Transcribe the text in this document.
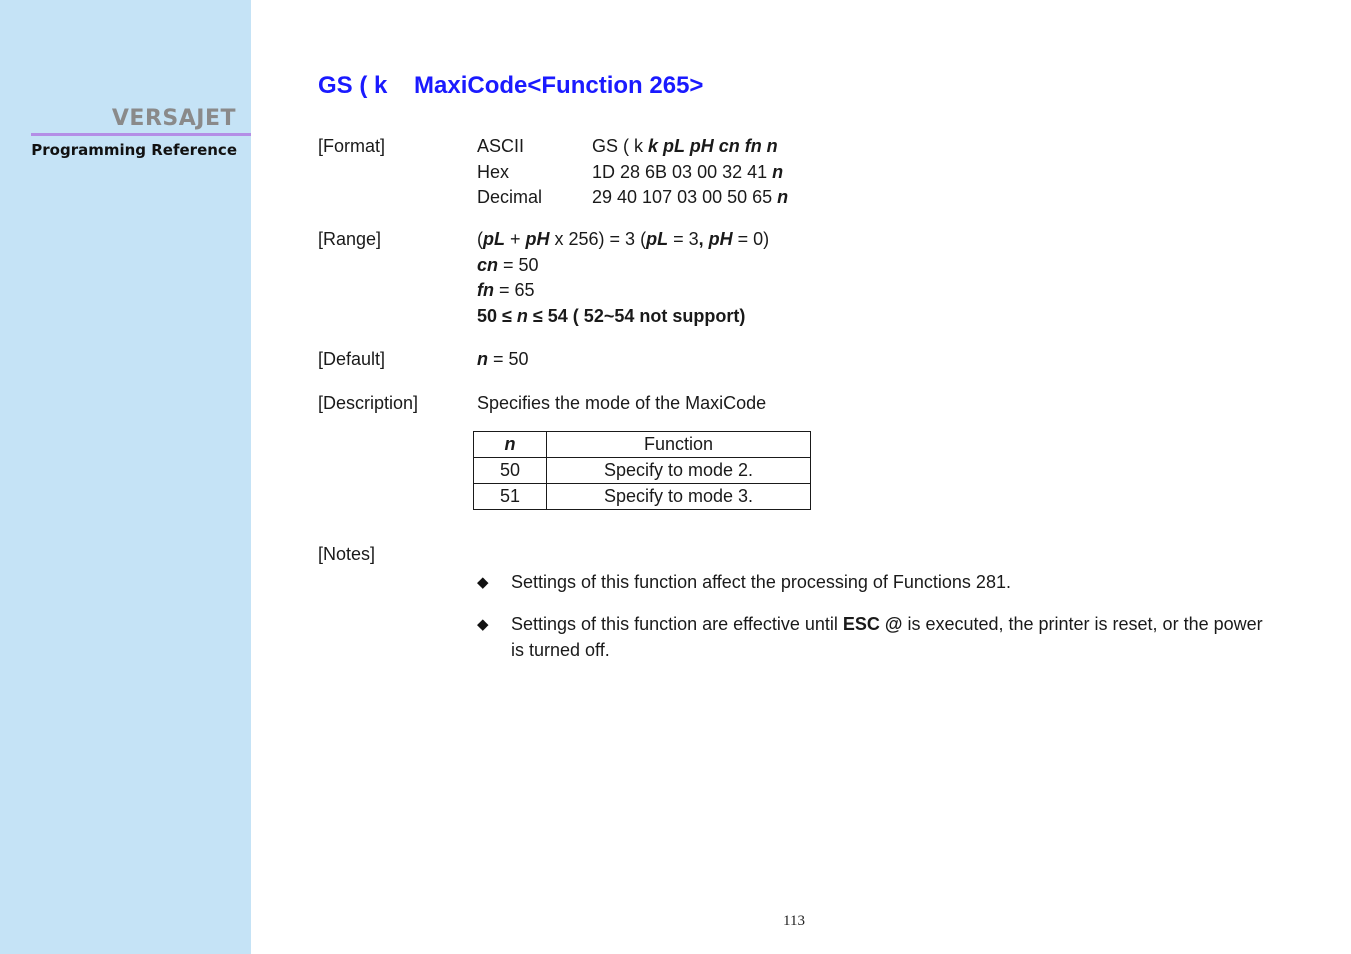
VERSAJET
Programming Reference
GS ( k    MaxiCode<Function 265>
[Format]	ASCII	GS ( k k pL pH cn fn n
Hex	1D 28 6B 03 00 32 41 n
Decimal	29 40 107 03 00 50 65 n
[Range]	(pL + pH x 256) = 3 (pL = 3, pH = 0)
cn = 50
fn = 65
50 ≤ n ≤ 54 ( 52~54 not support)
[Default]	n = 50
[Description]	Specifies the mode of the MaxiCode
n	Function
50	Specify to mode 2.
51	Specify to mode 3.
[Notes]
◆ Settings of this function affect the processing of Functions 281.
◆ Settings of this function are effective until ESC @ is executed, the printer is reset, or the power is turned off.
113
